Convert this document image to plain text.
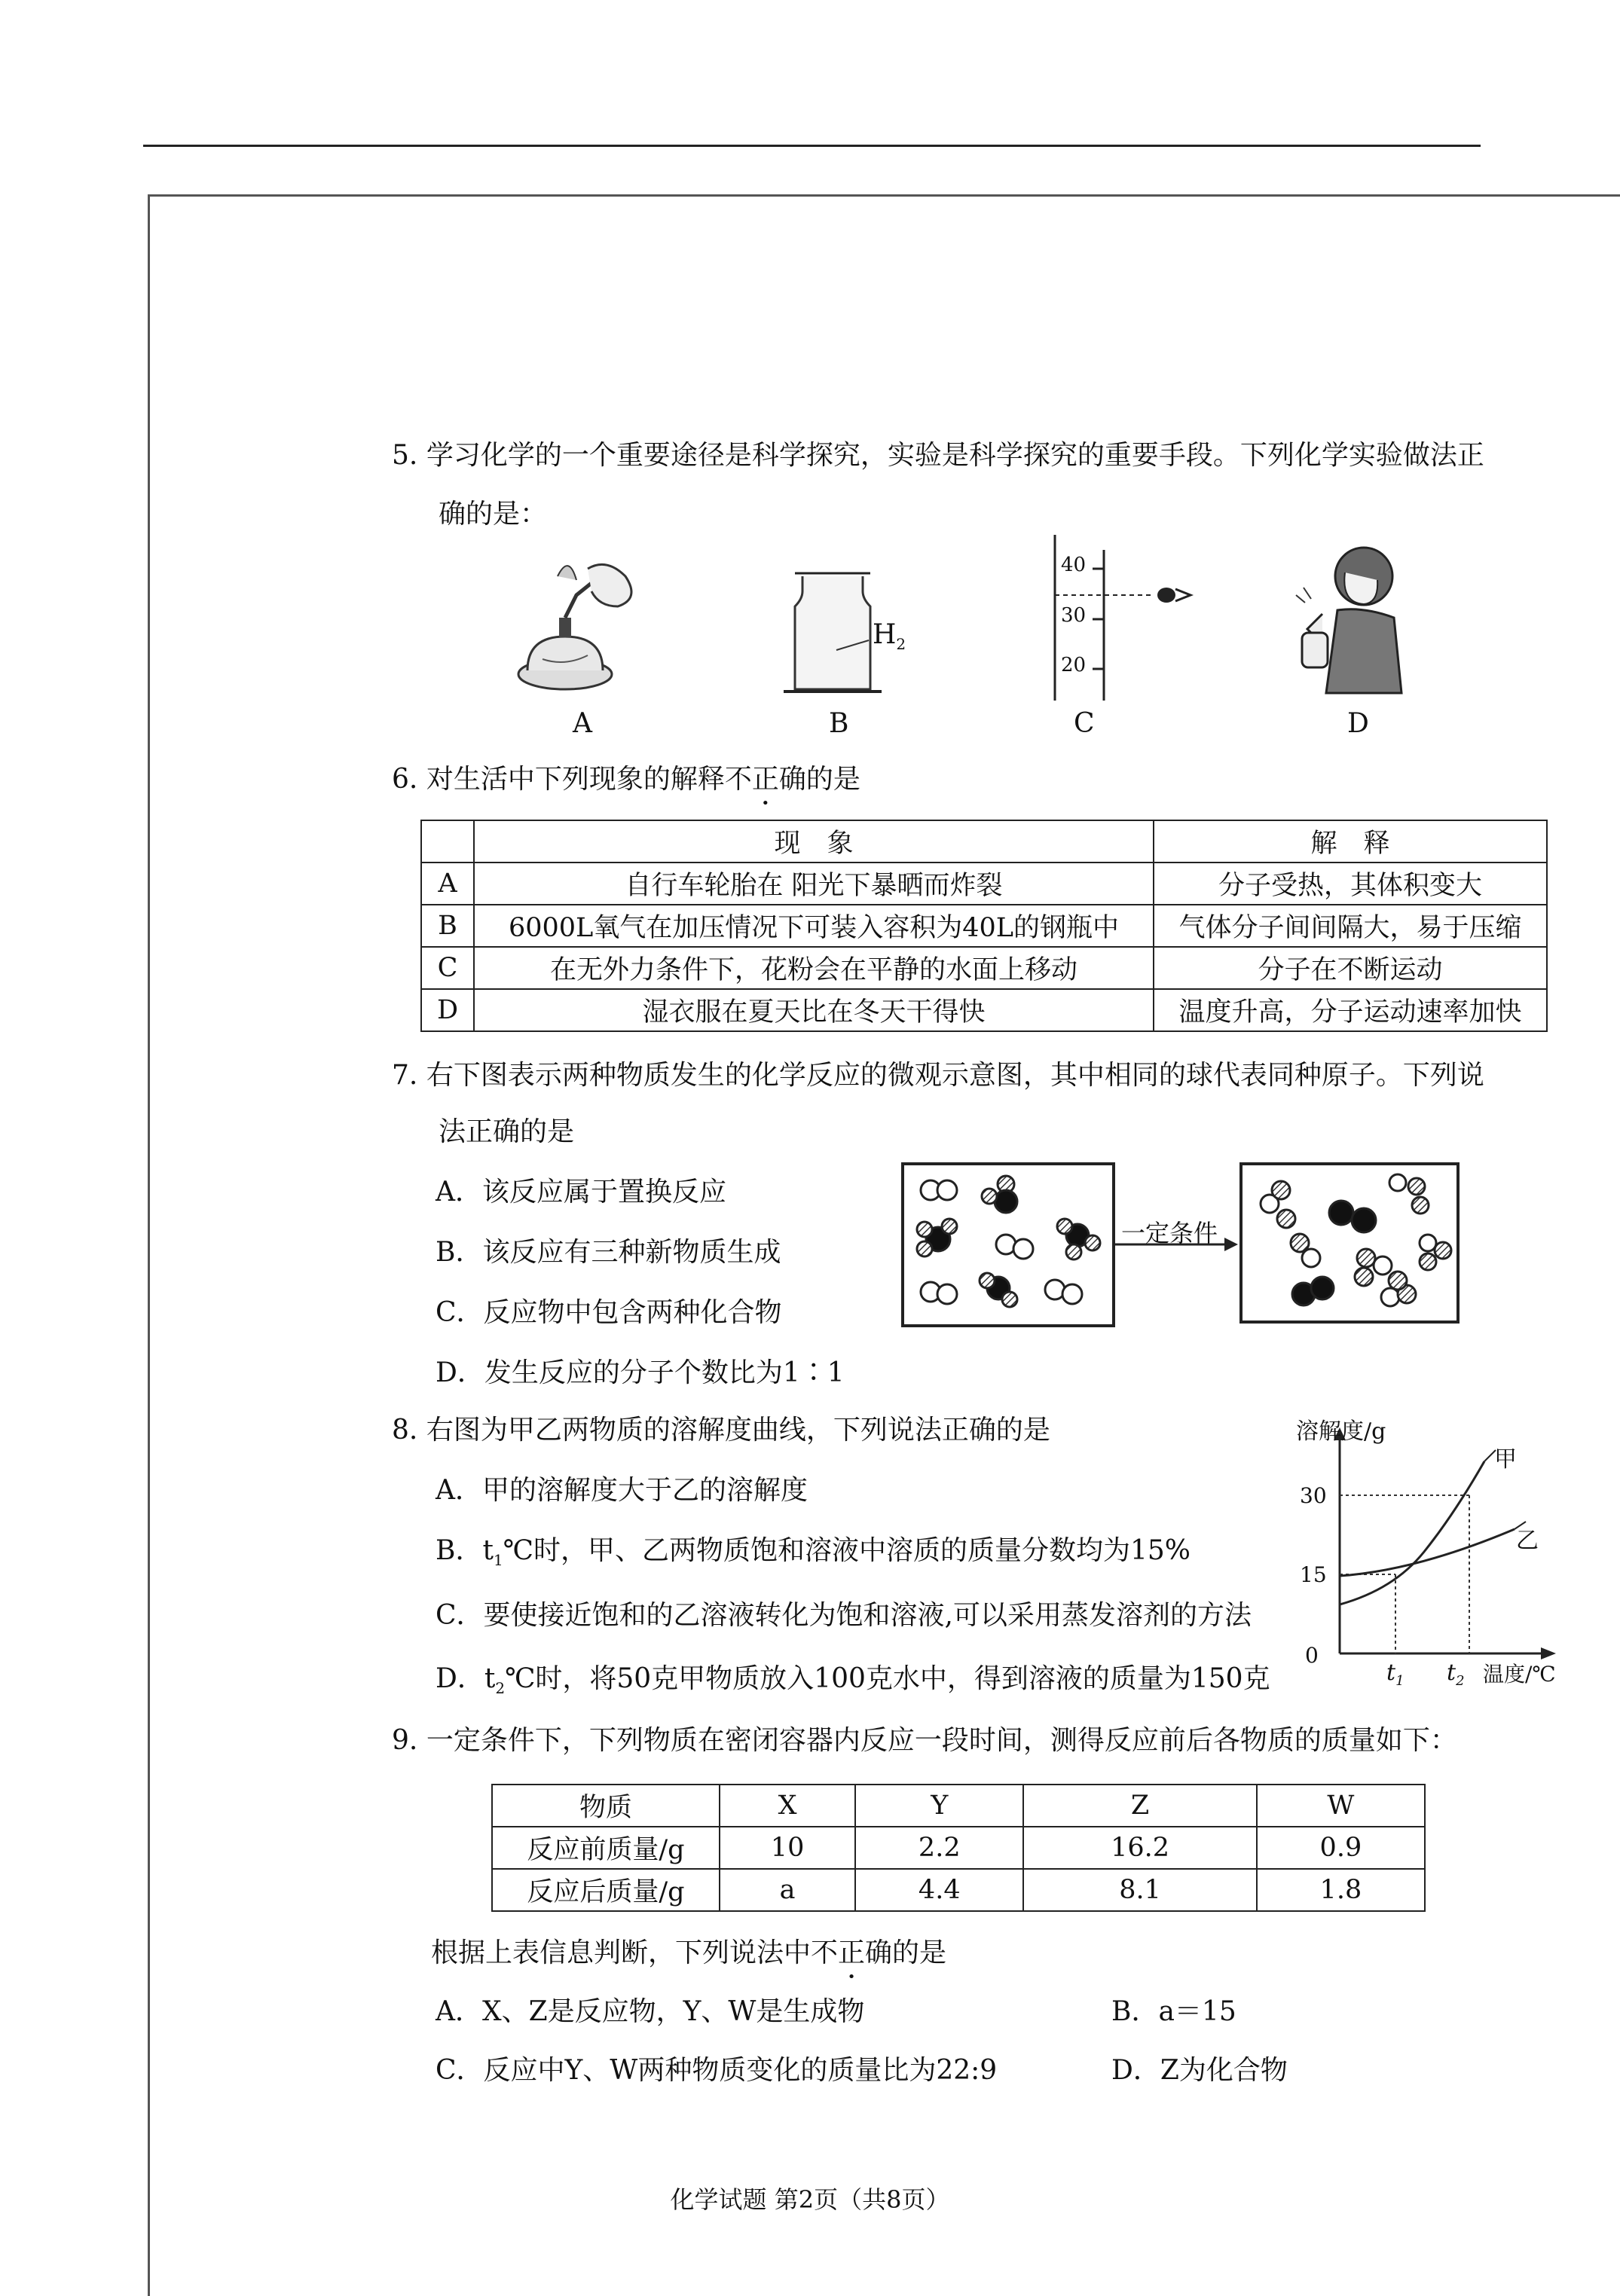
5. 学习化学的一个重要途径是科学探究，实验是科学探究的重要手段。下列化学实验做法正
确的是：
A
$H_2$
B
40
30
20
C	D
6. 对生活中下列现象的解释不正确的是
	现　象	解　释
A	自行车轮胎在 阳光下暴晒而炸裂	分子受热，其体积变大
B	6000L氧气在加压情况下可装入容积为40L的钢瓶中	气体分子间间隔大，易于压缩
C	在无外力条件下，花粉会在平静的水面上移动	分子在不断运动
D	湿衣服在夏天比在冬天干得快	温度升高，分子运动速率加快
7. 右下图表示两种物质发生的化学反应的微观示意图，其中相同的球代表同种原子。下列说
法正确的是
A．该反应属于置换反应
B．该反应有三种新物质生成
C．反应物中包含两种化合物
D．发生反应的分子个数比为1∶1
一定条件
8. 右图为甲乙两物质的溶解度曲线，下列说法正确的是
A．甲的溶解度大于乙的溶解度
B．$t_1℃$时，甲、乙两物质饱和溶液中溶质的质量分数均为15%
C．要使接近饱和的乙溶液转化为饱和溶液,可以采用蒸发溶剂的方法
D．$t_2℃$时，将50克甲物质放入100克水中，得到溶液的质量为150克
溶解度/g
30
15
0
$t_1$ $t_2$ 温度/℃
甲
乙
9. 一定条件下，下列物质在密闭容器内反应一段时间，测得反应前后各物质的质量如下：
物质	X	Y	Z	W
反应前质量/g	10	2.2	16.2	0.9
反应后质量/g	a	4.4	8.1	1.8
根据上表信息判断，下列说法中不正确的是
A．X、Z是反应物，Y、W是生成物	B．a＝15
C．反应中Y、W两种物质变化的质量比为22:9	D．Z为化合物
化学试题 第2页（共8页）
